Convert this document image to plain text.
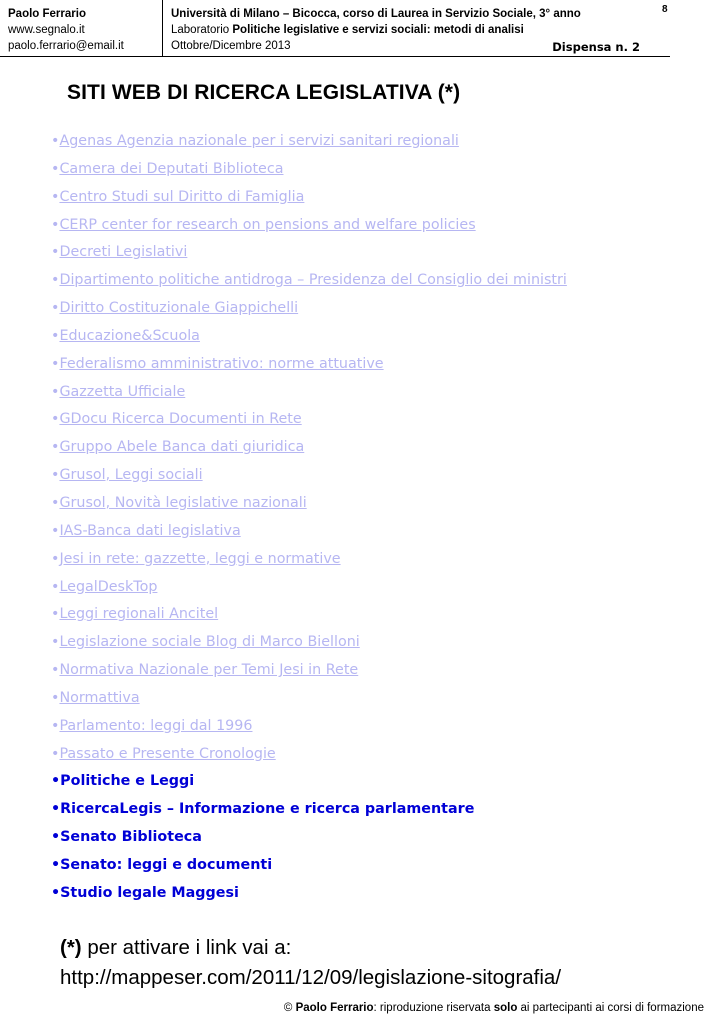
Paolo Ferrario
www.segnalo.it
paolo.ferrario@email.it
Università di Milano – Bicocca, corso di Laurea in Servizio Sociale, 3° anno
Laboratorio Politiche legislative e servizi sociali: metodi di analisi
Ottobre/Dicembre 2013	Dispensa n. 2
8
SITI WEB DI RICERCA LEGISLATIVA (*)
•Agenas Agenzia nazionale per i servizi sanitari regionali
•Camera dei Deputati Biblioteca
•Centro Studi sul Diritto di Famiglia
•CERP center for research on pensions and welfare policies
•Decreti Legislativi
•Dipartimento politiche antidroga – Presidenza del Consiglio dei ministri
•Diritto Costituzionale Giappichelli
•Educazione&Scuola
•Federalismo amministrativo: norme attuative
•Gazzetta Ufficiale
•GDocu Ricerca Documenti in Rete
•Gruppo Abele Banca dati giuridica
•Grusol, Leggi sociali
•Grusol, Novità legislative nazionali
•IAS-Banca dati legislativa
•Jesi in rete: gazzette, leggi e normative
•LegalDeskTop
•Leggi regionali Ancitel
•Legislazione sociale Blog di Marco Bielloni
•Normativa Nazionale per Temi Jesi in Rete
•Normattiva
•Parlamento: leggi dal 1996
•Passato e Presente Cronologie
•Politiche e Leggi
•RicercaLegis – Informazione e ricerca parlamentare
•Senato Biblioteca
•Senato: leggi e documenti
•Studio legale Maggesi
(*) per attivare i link vai a:
http://mappeser.com/2011/12/09/legislazione-sitografia/
© Paolo Ferrario: riproduzione riservata solo ai partecipanti ai corsi di formazione
